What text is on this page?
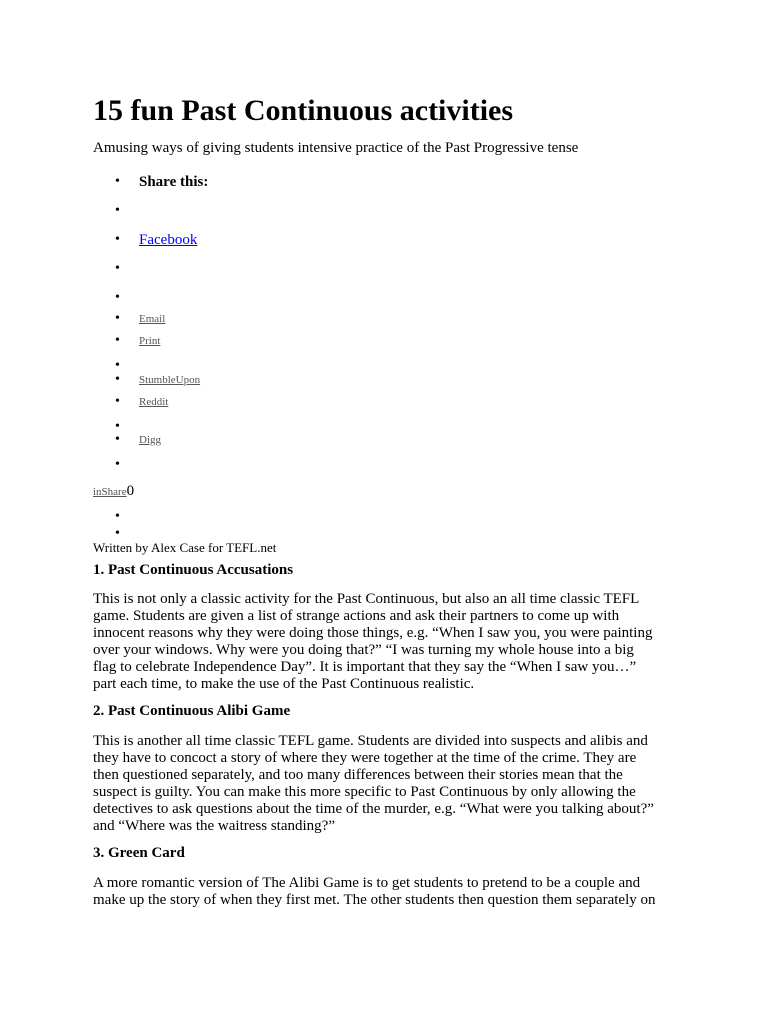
15 fun Past Continuous activities
Amusing ways of giving students intensive practice of the Past Progressive tense
Share this:
Facebook
Email
Print
StumbleUpon
Reddit
Digg
inShare0
Written by Alex Case for TEFL.net
1. Past Continuous Accusations

This is not only a classic activity for the Past Continuous, but also an all time classic TEFL
game. Students are given a list of strange actions and ask their partners to come up with
innocent reasons why they were doing those things, e.g. “When I saw you, you were painting
over your windows. Why were you doing that?” “I was turning my whole house into a big
flag to celebrate Independence Day”. It is important that they say the “When I saw you…”
part each time, to make the use of the Past Continuous realistic.

2. Past Continuous Alibi Game

This is another all time classic TEFL game. Students are divided into suspects and alibis and
they have to concoct a story of where they were together at the time of the crime. They are
then questioned separately, and too many differences between their stories mean that the
suspect is guilty. You can make this more specific to Past Continuous by only allowing the
detectives to ask questions about the time of the murder, e.g. “What were you talking about?”
and “Where was the waitress standing?”

3. Green Card

A more romantic version of The Alibi Game is to get students to pretend to be a couple and
make up the story of when they first met. The other students then question them separately on
